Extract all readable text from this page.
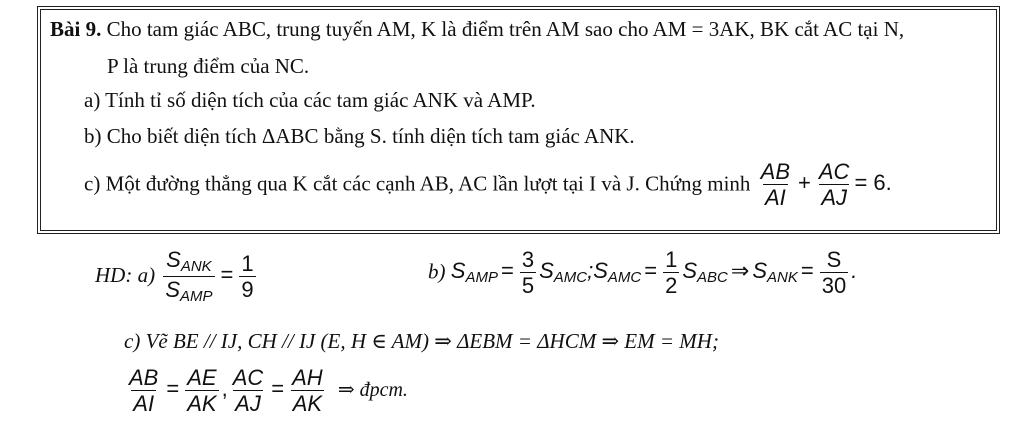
Bài 9. Cho tam giác ABC, trung tuyến AM, K là điểm trên AM sao cho AM = 3AK, BK cắt AC tại N,
P là trung điểm của NC.
a) Tính tỉ số diện tích của các tam giác ANK và AMP.
b) Cho biết diện tích ΔABC bằng S. tính diện tích tam giác ANK.
c) Một đường thẳng qua K cắt các cạnh AB, AC lần lượt tại I và J. Chứng minh $\frac{AB}{AI} + \frac{AC}{AJ} = 6$.
HD: $a) \frac{S_{ANK}}{S_{AMP}} = \frac{1}{9}$	b) $S_{AMP} = \frac{3}{5}$ $S_{AMC};S_{AMC} = \frac{1}{2} S_{ABC}$ ⇒ $S_{ANK} = \frac{S}{30}$ .
c) Vẽ BE // IJ, CH // IJ (E, H ∈ AM) ⇒ ΔEBM = ΔHCM ⇒ EM = MH;
$\frac{AB}{AI} = \frac{AE}{AK}$ , $\frac{AC}{AJ} = \frac{AH}{AK}$ ⇒ đpcm.
